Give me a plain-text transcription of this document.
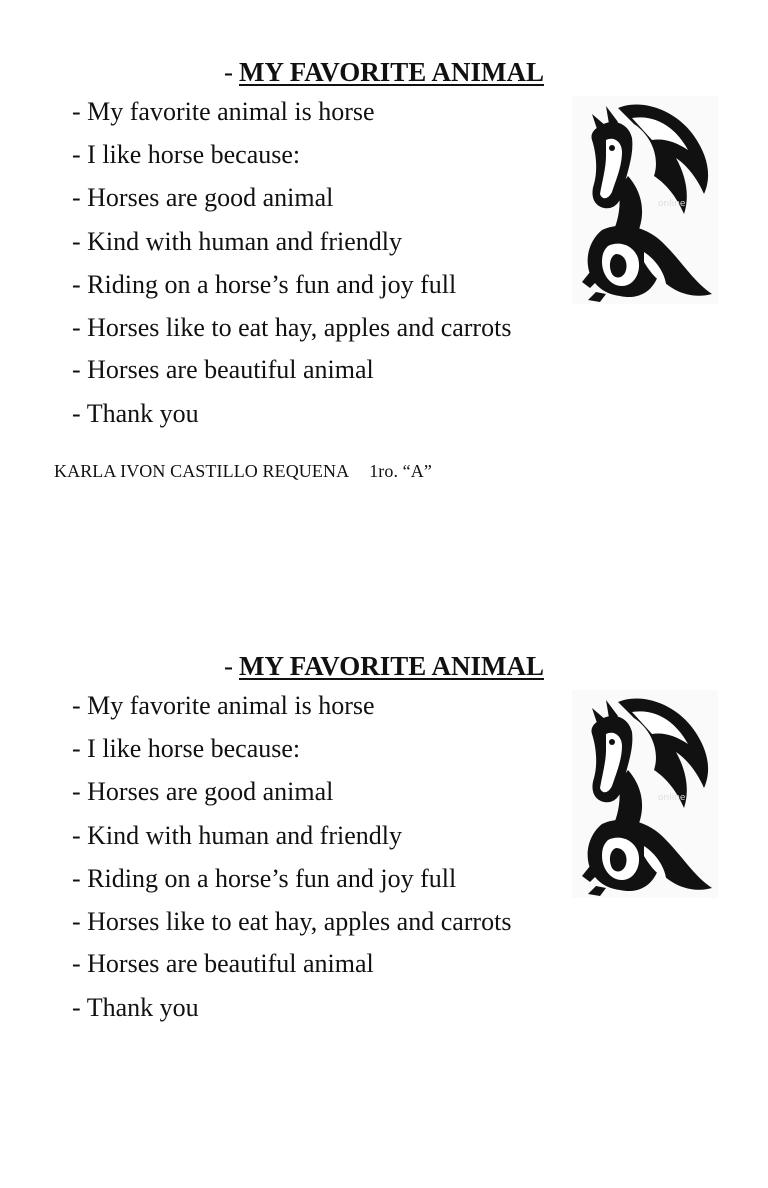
- MY FAVORITE ANIMAL
- My favorite animal is horse
- I like horse because:
- Horses are good animal
- Kind with human and friendly
- Riding on a horse’s fun and joy full
- Horses like to eat hay, apples and carrots
- Horses are beautiful animal
- Thank you
KARLA IVON CASTILLO REQUENA 1ro. “A”
online
- MY FAVORITE ANIMAL
- My favorite animal is horse
- I like horse because:
- Horses are good animal
- Kind with human and friendly
- Riding on a horse’s fun and joy full
- Horses like to eat hay, apples and carrots
- Horses are beautiful animal
- Thank you
online
